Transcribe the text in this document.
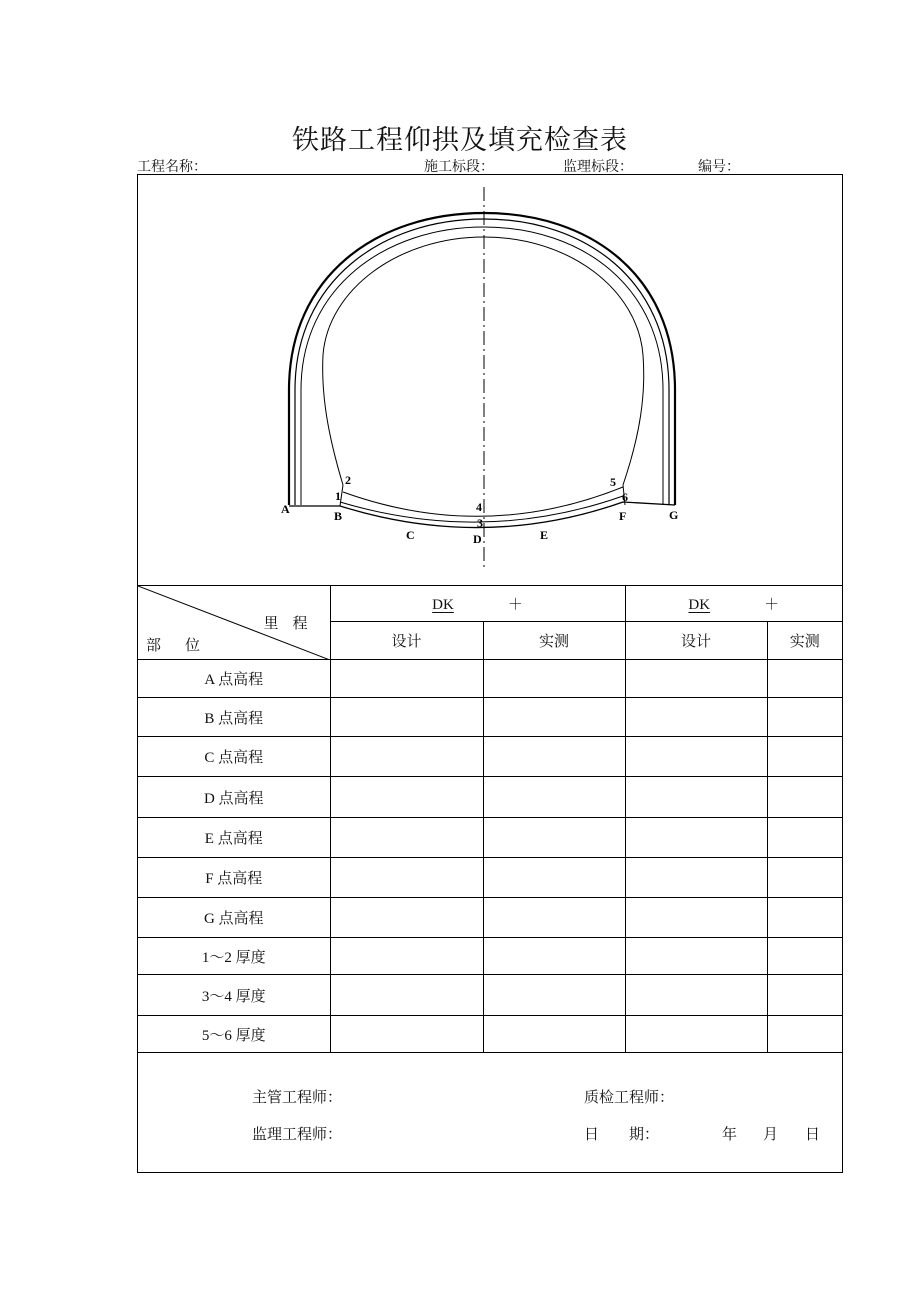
铁路工程仰拱及填充检查表
工程名称：	施工标段：	监理标段：	编号：
A	B
C	D	E
F	G
1
2
3
4
5
6
里程
部位	DK ＋		DK ＋	
	设计	实测	设计	实测
A 点高程				
B 点高程				
C 点高程				
D 点高程				
E 点高程				
F 点高程				
G 点高程				
1～2 厚度				
3～4 厚度				
5～6 厚度				
主管工程师：	质检工程师：
监理工程师：	日　　期：	年 月 日
